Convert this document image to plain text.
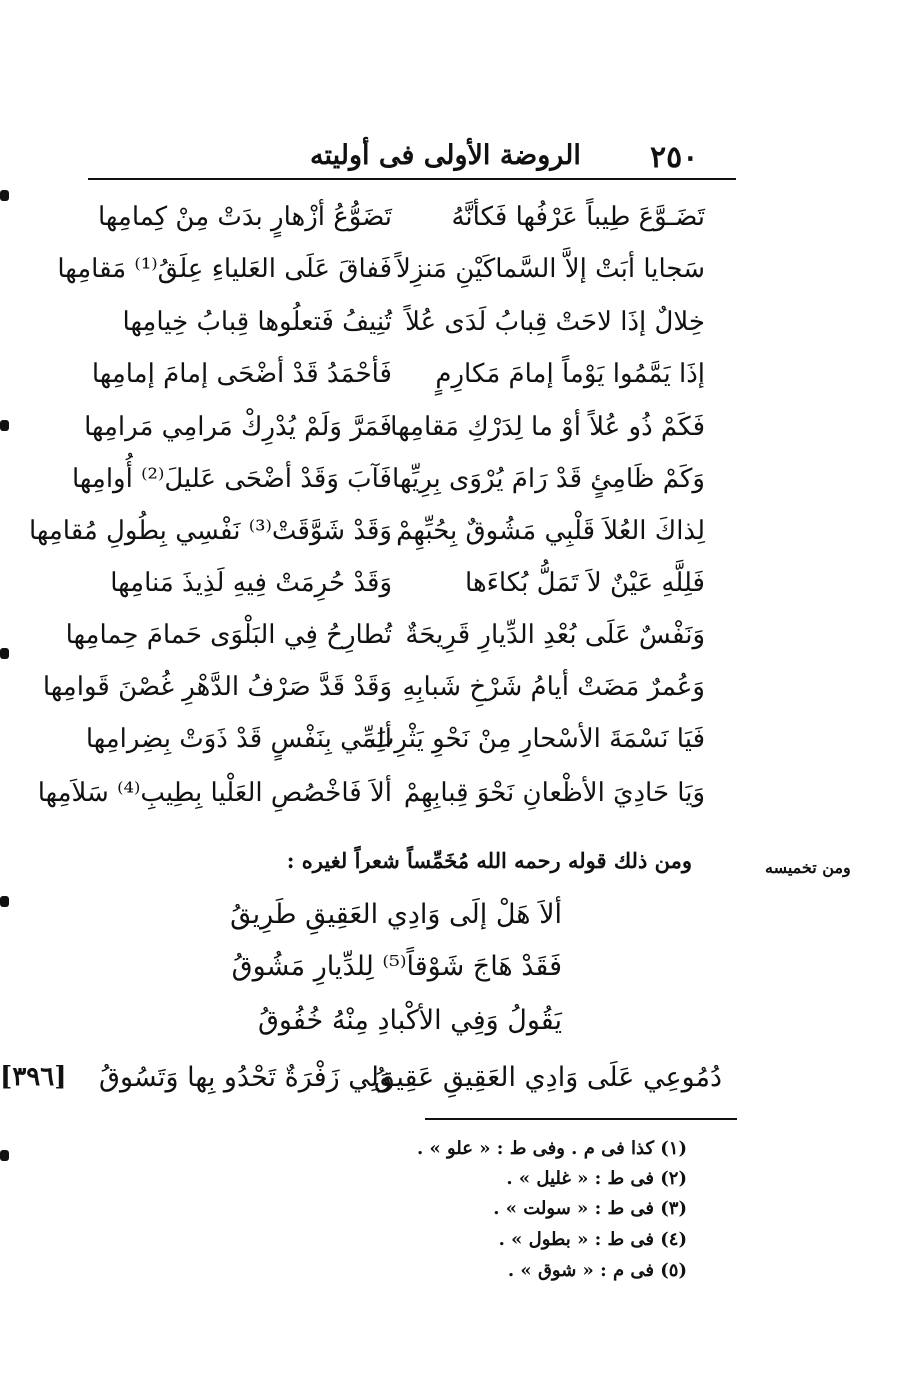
٢٥٠
الروضة الأولى فى أوليته
تَضَـوَّعَ طِيباً عَرْفُها فَكأنَّهُ
تَضَوُّعُ أزْهارٍ بدَتْ مِنْ كِمامِها
سَجايا أبَتْ إلاَّ السَّماكَيْنِ مَنزِلاً
فَفاقَ عَلَى العَلياءِ عِلَقُ⁽¹⁾ مَقامِها
خِلالٌ إذَا لاحَتْ قِبابُ لَدَى عُلاً
تُنِيفُ فَتعلُوها قِبابُ خِيامِها
إذَا يَمَّمُوا يَوْماً إمامَ مَكارِمٍ
فَأحْمَدُ قَدْ أضْحَى إمامَ إمامِها
فَكَمْ ذُو عُلاً أوْ ما لِدَرْكِ مَقامِها
فَمَرَّ وَلَمْ يُدْرِكْ مَرامِي مَرامِها
وَكَمْ ظَامِئٍ قَدْ رَامَ يُرْوَى بِرِيِّها
فَآبَ وَقَدْ أضْحَى عَليلَ⁽²⁾ أُوامِها
لِذاكَ العُلاَ قَلْبِي مَشُوقٌ بِحُبِّهِمْ
وَقَدْ شَوَّقَتْ⁽³⁾ نَفْسِي بِطُولِ مُقامِها
فَلِلَّهِ عَيْنٌ لاَ تَمَلُّ بُكاءَها
وَقَدْ حُرِمَتْ فِيهِ لَذِيذَ مَنامِها
وَنَفْسٌ عَلَى بُعْدِ الدِّيارِ قَرِيحَةٌ
تُطارِحُ فِي البَلْوَى حَمامَ حِمامِها
وَعُمرٌ مَضَتْ أيامُ شَرْخِ شَبابِهِ
وَقَدْ قَدَّ صَرْفُ الدَّهْرِ غُصْنَ قَوامِها
فَيَا نَسْمَةَ الأسْحارِ مِنْ نَحْوِ يَثْرِبَ
ألِمِّي بِنَفْسٍ قَدْ ذَوَتْ بِضِرامِها
وَيَا حَادِيَ الأظْعانِ نَحْوَ قِبابِهِمْ
ألاَ فَاخْصُصِ العَلْيا بِطِيبِ⁽⁴⁾ سَلاَمِها
ومن تخميسه
ومن ذلك قوله رحمه الله مُخَمِّساً شعراً لغيره :
ألاَ هَلْ إلَى وَادِي العَقِيقِ طَرِيقُ
فَقَدْ هَاجَ شَوْقاً⁽⁵⁾ لِلدِّيارِ مَشُوقُ
يَقُولُ وَفِي الأكْبادِ مِنْهُ خُفُوقُ
دُمُوعِي عَلَى وَادِي العَقِيقِ عَقِيقُ
وَلِي زَفْرَةٌ تَحْدُو بِها وَتَسُوقُ
[٣٩٦]
(١) كذا فى م . وفى ط : « علو » .
(٢) فى ط : « غليل » .
(٣) فى ط : « سولت » .
(٤) فى ط : « بطول » .
(٥) فى م : « شوق » .
